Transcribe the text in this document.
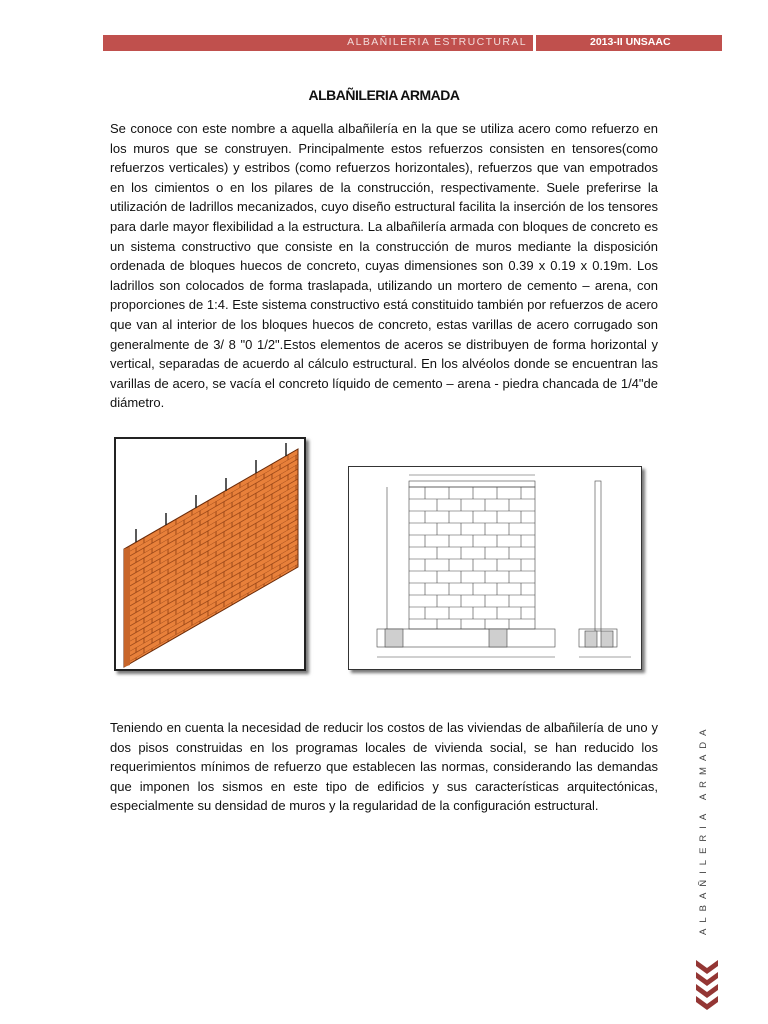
ALBAÑILERIA ESTRUCTURAL	2013-II UNSAAC
ALBAÑILERIA ARMADA

Se conoce con este nombre a aquella albañilería en la que se utiliza acero como refuerzo en los muros que se construyen. Principalmente estos refuerzos consisten en tensores(como refuerzos verticales) y estribos (como refuerzos horizontales), refuerzos que van empotrados en los cimientos o en los pilares de la construcción, respectivamente. Suele preferirse la utilización de ladrillos mecanizados, cuyo diseño estructural facilita la inserción de los tensores para darle mayor flexibilidad a la estructura. La albañilería armada con bloques de concreto es un sistema constructivo que consiste en la construcción de muros mediante la disposición ordenada de bloques huecos de concreto, cuyas dimensiones son 0.39 x 0.19 x 0.19m. Los ladrillos son colocados de forma traslapada, utilizando un mortero de cemento – arena, con proporciones de 1:4. Este sistema constructivo está constituido también por refuerzos de acero que van al interior de los bloques huecos de concreto, estas varillas de acero corrugado son generalmente de 3/ 8 "0 1/2".Estos elementos de aceros se distribuyen de forma horizontal y vertical, separadas de acuerdo al cálculo estructural. En los alvéolos donde se encuentran las varillas de acero, se vacía el concreto líquido de cemento – arena - piedra chancada de 1/4"de diámetro.

Teniendo en cuenta la necesidad de reducir los costos de las viviendas de albañilería de uno y dos pisos construidas en los programas locales de vivienda social, se han reducido los requerimientos mínimos de refuerzo que establecen las normas, considerando las demandas que imponen los sismos en este tipo de edificios y sus características arquitectónicas, especialmente su densidad de muros y la regularidad de la configuración estructural.	ALBAÑILERIA ARMADA
